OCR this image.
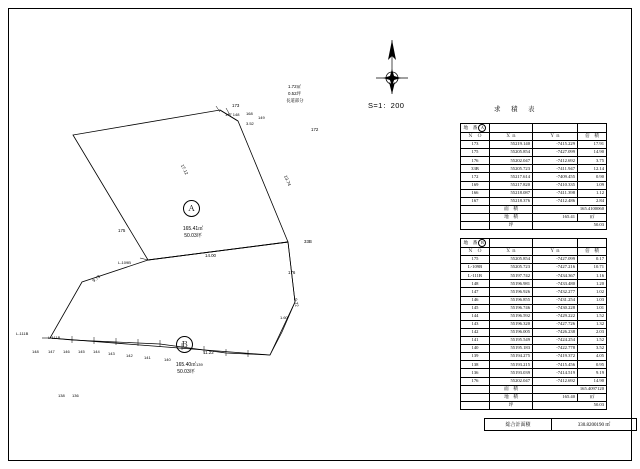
Ａ
165.41㎡
50.03坪
Ｂ
165.40㎡
50.03坪
1.72㎡
0.52坪
長道部分
173
172
175
176
33B
168
149
147 148
L-111B
148 147 146 145 144 143	142	141	140
139
138 136
L-109B
L-111B
17.12
13.74
14.00
9.73
9.72
11.22
3.52
1.60
S=1：200	求　積　表
地　番 A			
Ｎ　Ｏ	Ｘ ｎ	Ｙ ｎ	倍　積
173	55219.140	-7415.229	17.91
175	55205.854	-7427.099	14.90
176	55202.047	-7412.692	3.75
33B	55205.723	-7411.947	12.14
172	55217.614	-7409.455	0.90
169	55217.820	-7410.335	1.09
166	55218.087	-7411.398	1.12
167	55218.376	-7412.486	2.84
	面　積	165.4100060	
	地　積	165.41	㎡
	坪	50.03	
地　番 B			
Ｎ　Ｏ	Ｘ ｎ	Ｙ ｎ	倍　積
175	55205.854	-7427.099	0.17
L-109B	55205.723	-7427.216	10.71
L-111B	55197.742	-7434.367	1.16
148	55196.981	-7433.480	1.20
147	55196.926	-7432.277	1.02
146	55196.855	-7431.254	1.03
145	55196.746	-7430.228	1.01
144	55196.592	-7429.222	1.52
143	55196.320	-7427.726	1.32
142	55196.005	-7426.238	2.03
141	55195.549	-7424.254	1.52
140	55195.183	-7422.778	3.52
139	55194.275	-7419.372	4.05
138	55193.215	-7415.456	0.95
136	55193.039	-7414.519	9.19
176	55202.047	-7412.692	14.90
	面　積	165.4097120	
	地　積	165.40	㎡
	坪	50.03	
総合計面積	330.8200190 ㎡
